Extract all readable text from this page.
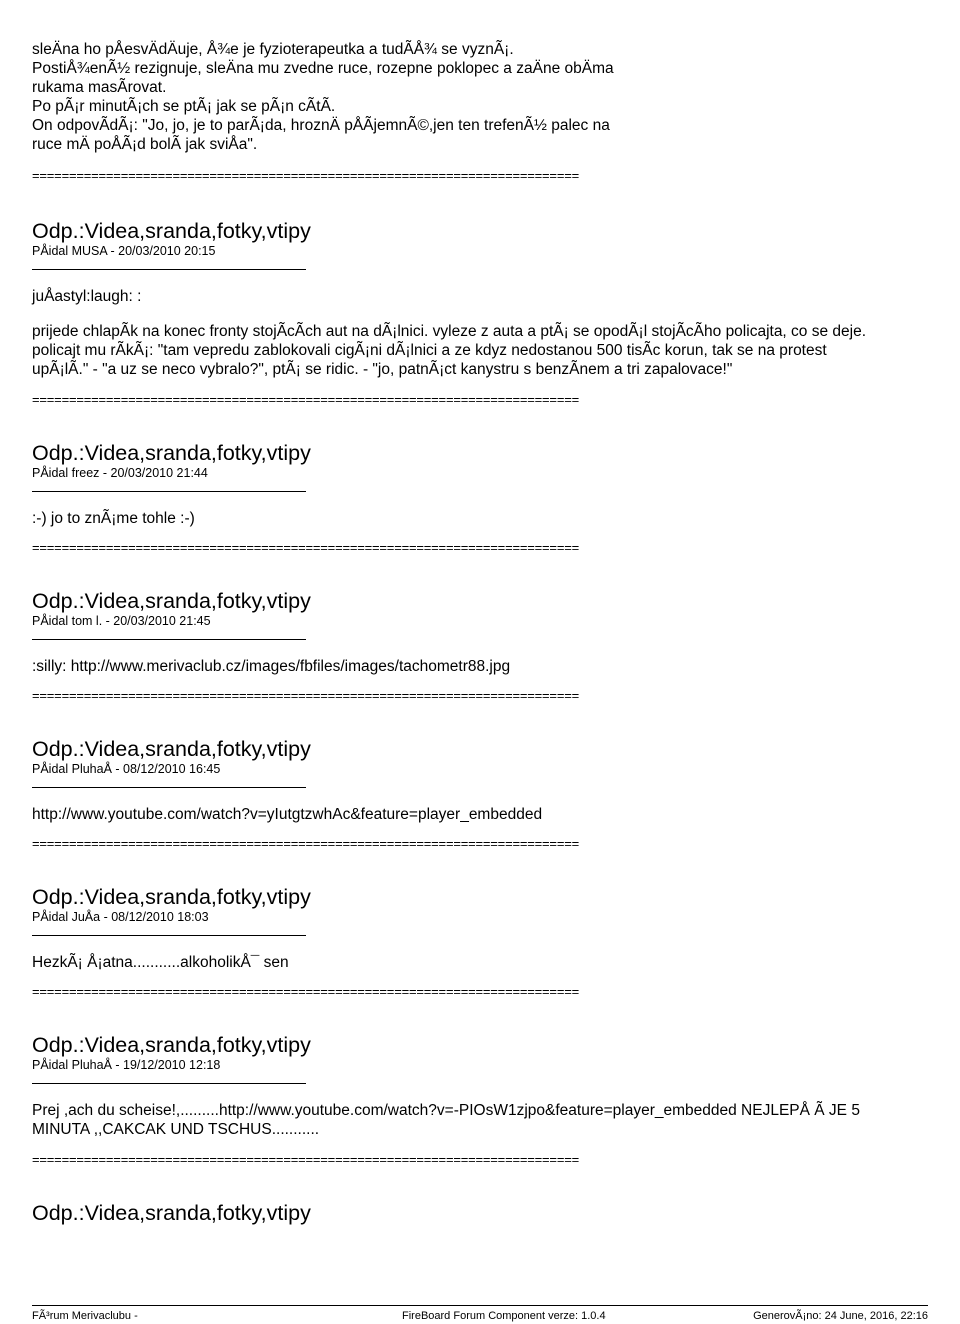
sleÄna ho pÅesvÄdÄuje, Å¾e je fyzioterapeutka a tudÃÅ¾ se vyznÃ¡.

PostiÅ¾enÃ½ rezignuje, sleÄna mu zvedne ruce, rozepne poklopec a zaÄne obÄma

rukama masÃrovat.

Po pÃ¡r minutÃ¡ch se ptÃ¡ jak se pÃ¡n cÃtÃ.

On odpovÃdÃ¡: "Jo, jo, je to parÃ¡da, hroznÄ pÅÃjemnÃ©,jen ten trefenÃ½ palec na

ruce mÄ poÅÃ¡d bolÃ jak sviÅa".

==========================================================================

Odp.:Videa,sranda,fotky,vtipy

PÅidal MUSA - 20/03/2010 20:15

juÅastyl:laugh: :

prijede chlapÃk na konec fronty stojÃcÃch aut na dÃ¡lnici. vyleze z auta a ptÃ¡ se opodÃ¡l stojÃcÃho policajta, co se deje.

policajt mu rÃkÃ¡: "tam vepredu zablokovali cigÃ¡ni dÃ¡lnici a ze kdyz nedostanou 500 tisÃc korun, tak se na protest

upÃ¡lÃ." - "a uz se neco vybralo?", ptÃ¡ se ridic. - "jo, patnÃ¡ct kanystru s benzÃnem a tri zapalovace!"

==========================================================================

Odp.:Videa,sranda,fotky,vtipy

PÅidal freez - 20/03/2010 21:44

:-) jo to znÃ¡me tohle :-)

==========================================================================

Odp.:Videa,sranda,fotky,vtipy

PÅidal tom l. - 20/03/2010 21:45

:silly: http://www.merivaclub.cz/images/fbfiles/images/tachometr88.jpg

==========================================================================

Odp.:Videa,sranda,fotky,vtipy

PÅidal PluhaÅ - 08/12/2010 16:45

http://www.youtube.com/watch?v=yIutgtzwhAc&feature=player_embedded

==========================================================================

Odp.:Videa,sranda,fotky,vtipy

PÅidal JuÅa - 08/12/2010 18:03

HezkÃ¡ Å¡atna...........alkoholikÅ¯ sen

==========================================================================

Odp.:Videa,sranda,fotky,vtipy

PÅidal PluhaÅ - 19/12/2010 12:18

Prej ,ach du scheise!,.........http://www.youtube.com/watch?v=-PIOsW1zjpo&feature=player_embedded NEJLEPÅ Ã JE 5

MINUTA ,,CAKCAK UND TSCHUS...........

==========================================================================

Odp.:Videa,sranda,fotky,vtipy

FÃ³rum Merivaclubu -	FireBoard Forum Component verze: 1.0.4	GenerovÃ¡no: 24 June, 2016, 22:16
